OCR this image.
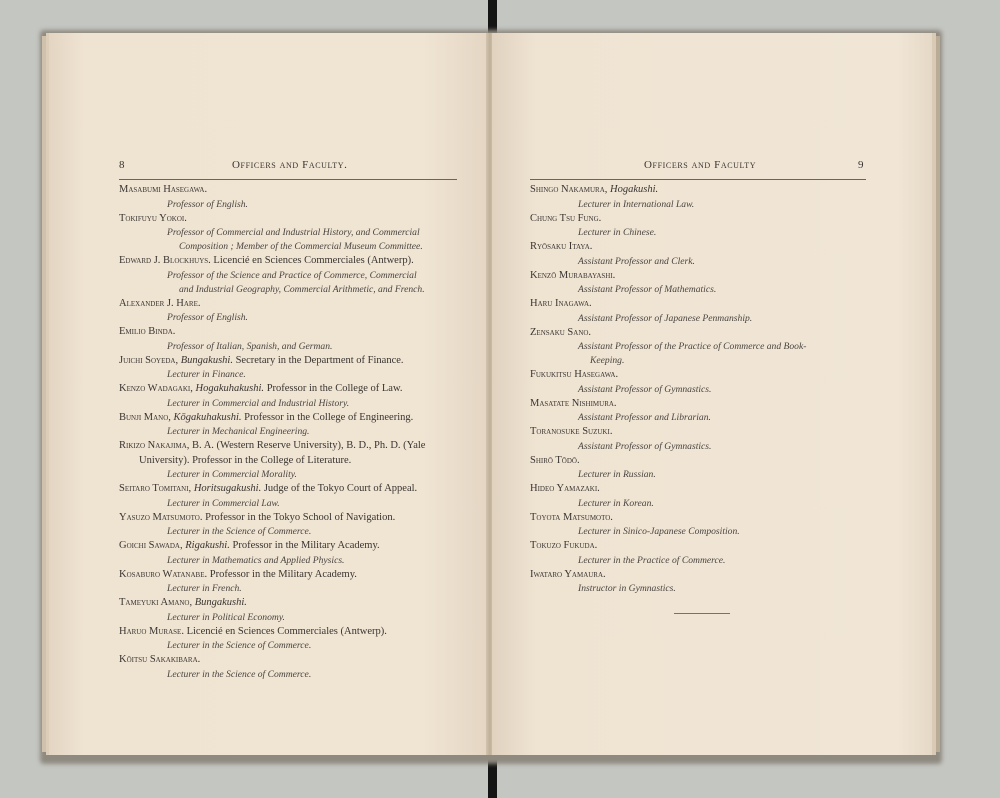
8	Officers and Faculty.
Masabumi Hasegawa.
Professor of English.
Tokifuyu Yokoi.
Professor of Commercial and Industrial History, and Commercial
Composition ; Member of the Commercial Museum Committee.
Edward J. Blockhuys. Licencié en Sciences Commerciales (Antwerp).
Professor of the Science and Practice of Commerce, Commercial
and Industrial Geography, Commercial Arithmetic, and French.
Alexander J. Hare.
Professor of English.
Emilio Binda.
Professor of Italian, Spanish, and German.
Juichi Soyeda, Bungakushi. Secretary in the Department of Finance.
Lecturer in Finance.
Kenzo Wadagaki, Hogakuhakushi. Professor in the College of Law.
Lecturer in Commercial and Industrial History.
Bunji Mano, Kōgakuhakushi. Professor in the College of Engineering.
Lecturer in Mechanical Engineering.
Rikizo Nakajima, B. A. (Western Reserve University), B. D., Ph. D. (Yale
University). Professor in the College of Literature.
Lecturer in Commercial Morality.
Seitaro Tomitani, Horitsugakushi. Judge of the Tokyo Court of Appeal.
Lecturer in Commercial Law.
Yasuzo Matsumoto. Professor in the Tokyo School of Navigation.
Lecturer in the Science of Commerce.
Goichi Sawada, Rigakushi. Professor in the Military Academy.
Lecturer in Mathematics and Applied Physics.
Kosaburo Watanabe. Professor in the Military Academy.
Lecturer in French.
Tameyuki Amano, Bungakushi.
Lecturer in Political Economy.
Haruo Murase. Licencié en Sciences Commerciales (Antwerp).
Lecturer in the Science of Commerce.
Kōitsu Sakakibara.
Lecturer in the Science of Commerce.
Officers and Faculty	9
Shingo Nakamura, Hogakushi.
Lecturer in International Law.
Chung Tsu Fung.
Lecturer in Chinese.
Ryōsaku Itaya.
Assistant Professor and Clerk.
Kenzō Murabayashi.
Assistant Professor of Mathematics.
Haru Inagawa.
Assistant Professor of Japanese Penmanship.
Zensaku Sano.
Assistant Professor of the Practice of Commerce and Book-
Keeping.
Fukukitsu Hasegawa.
Assistant Professor of Gymnastics.
Masatate Nishimura.
Assistant Professor and Librarian.
Toranosuke Suzuki.
Assistant Professor of Gymnastics.
Shirō Tōdō.
Lecturer in Russian.
Hideo Yamazaki.
Lecturer in Korean.
Toyota Matsumoto.
Lecturer in Sinico-Japanese Composition.
Tokuzo Fukuda.
Lecturer in the Practice of Commerce.
Iwataro Yamaura.
Instructor in Gymnastics.
